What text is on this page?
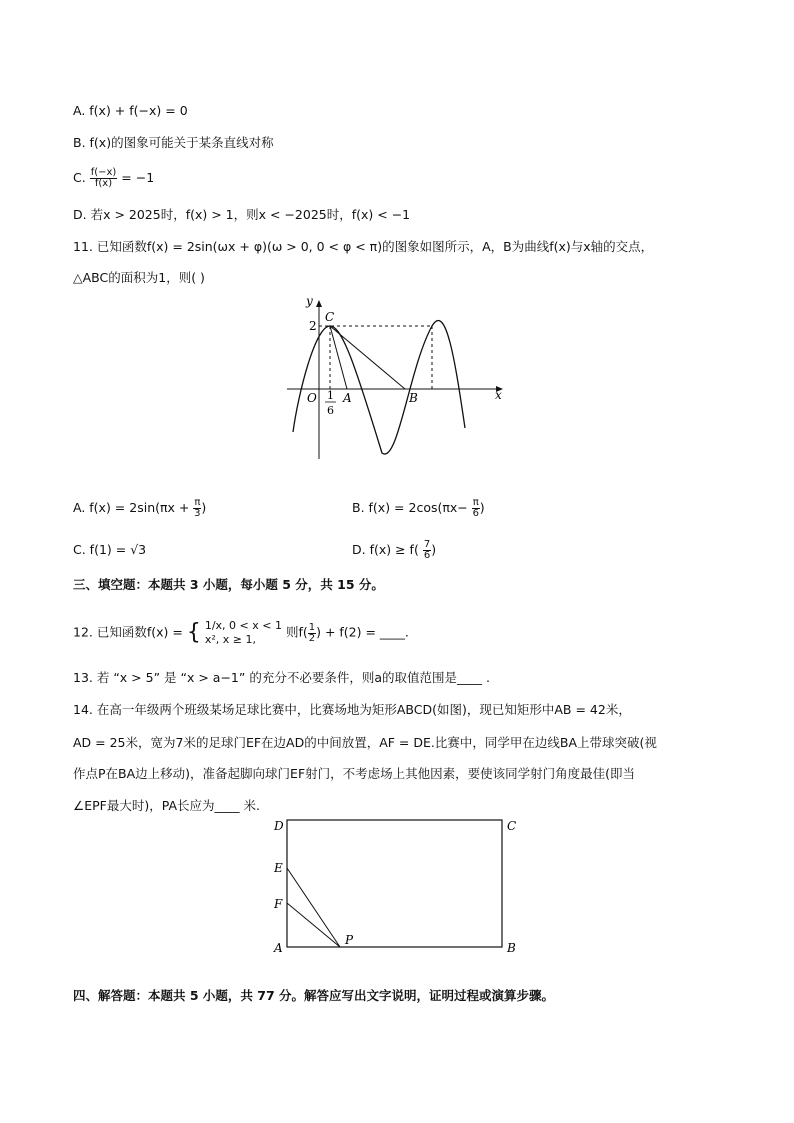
A. f(x) + f(−x) = 0
B. f(x)的图象可能关于某条直线对称
C. $\frac{f(-x)}{f(x)} = -1$
D. 若x > 2025时，f(x) > 1，则x < −2025时，f(x) < −1
11. 已知函数f(x) = 2sin(ωx + φ)(ω > 0, 0 < φ < π)的图象如图所示，A，B为曲线f(x)与x轴的交点，
△ABC的面积为1，则( )
y
x
2
C
O 1
6
A	B
A. $f(x) = 2\sin(\pi x + \frac{\pi}{3}$ )	B. $f(x) = 2\cos(\pi x- \frac{\pi}{6}$ )
C. f(1) = √3	D. $f(x) \ge f( \frac{7}{6}$ )
三、填空题：本题共 3 小题，每小题 5 分，共 15 分。
12. 已知函数f(x) = { 1/x, 0 < x < 1
x², x ≥ 1,	则$f( \frac{1}{2}$ ) + f(2) = ____.
13. 若 “x > 5” 是 “x > a−1” 的充分不必要条件，则a的取值范围是____ .
14. 在高一年级两个班级某场足球比赛中，比赛场地为矩形ABCD(如图)，现已知矩形中AB = 42米，
AD = 25米，宽为7米的足球门EF在边AD的中间放置，AF = DE.比赛中，同学甲在边线BA上带球突破(视
作点P在BA边上移动)，准备起脚向球门EF射门，不考虑场上其他因素，要使该同学射门角度最佳(即当
∠EPF最大时)，PA长应为____ 米.
D	C
E
F
A
P
B
四、解答题：本题共 5 小题，共 77 分。解答应写出文字说明，证明过程或演算步骤。
